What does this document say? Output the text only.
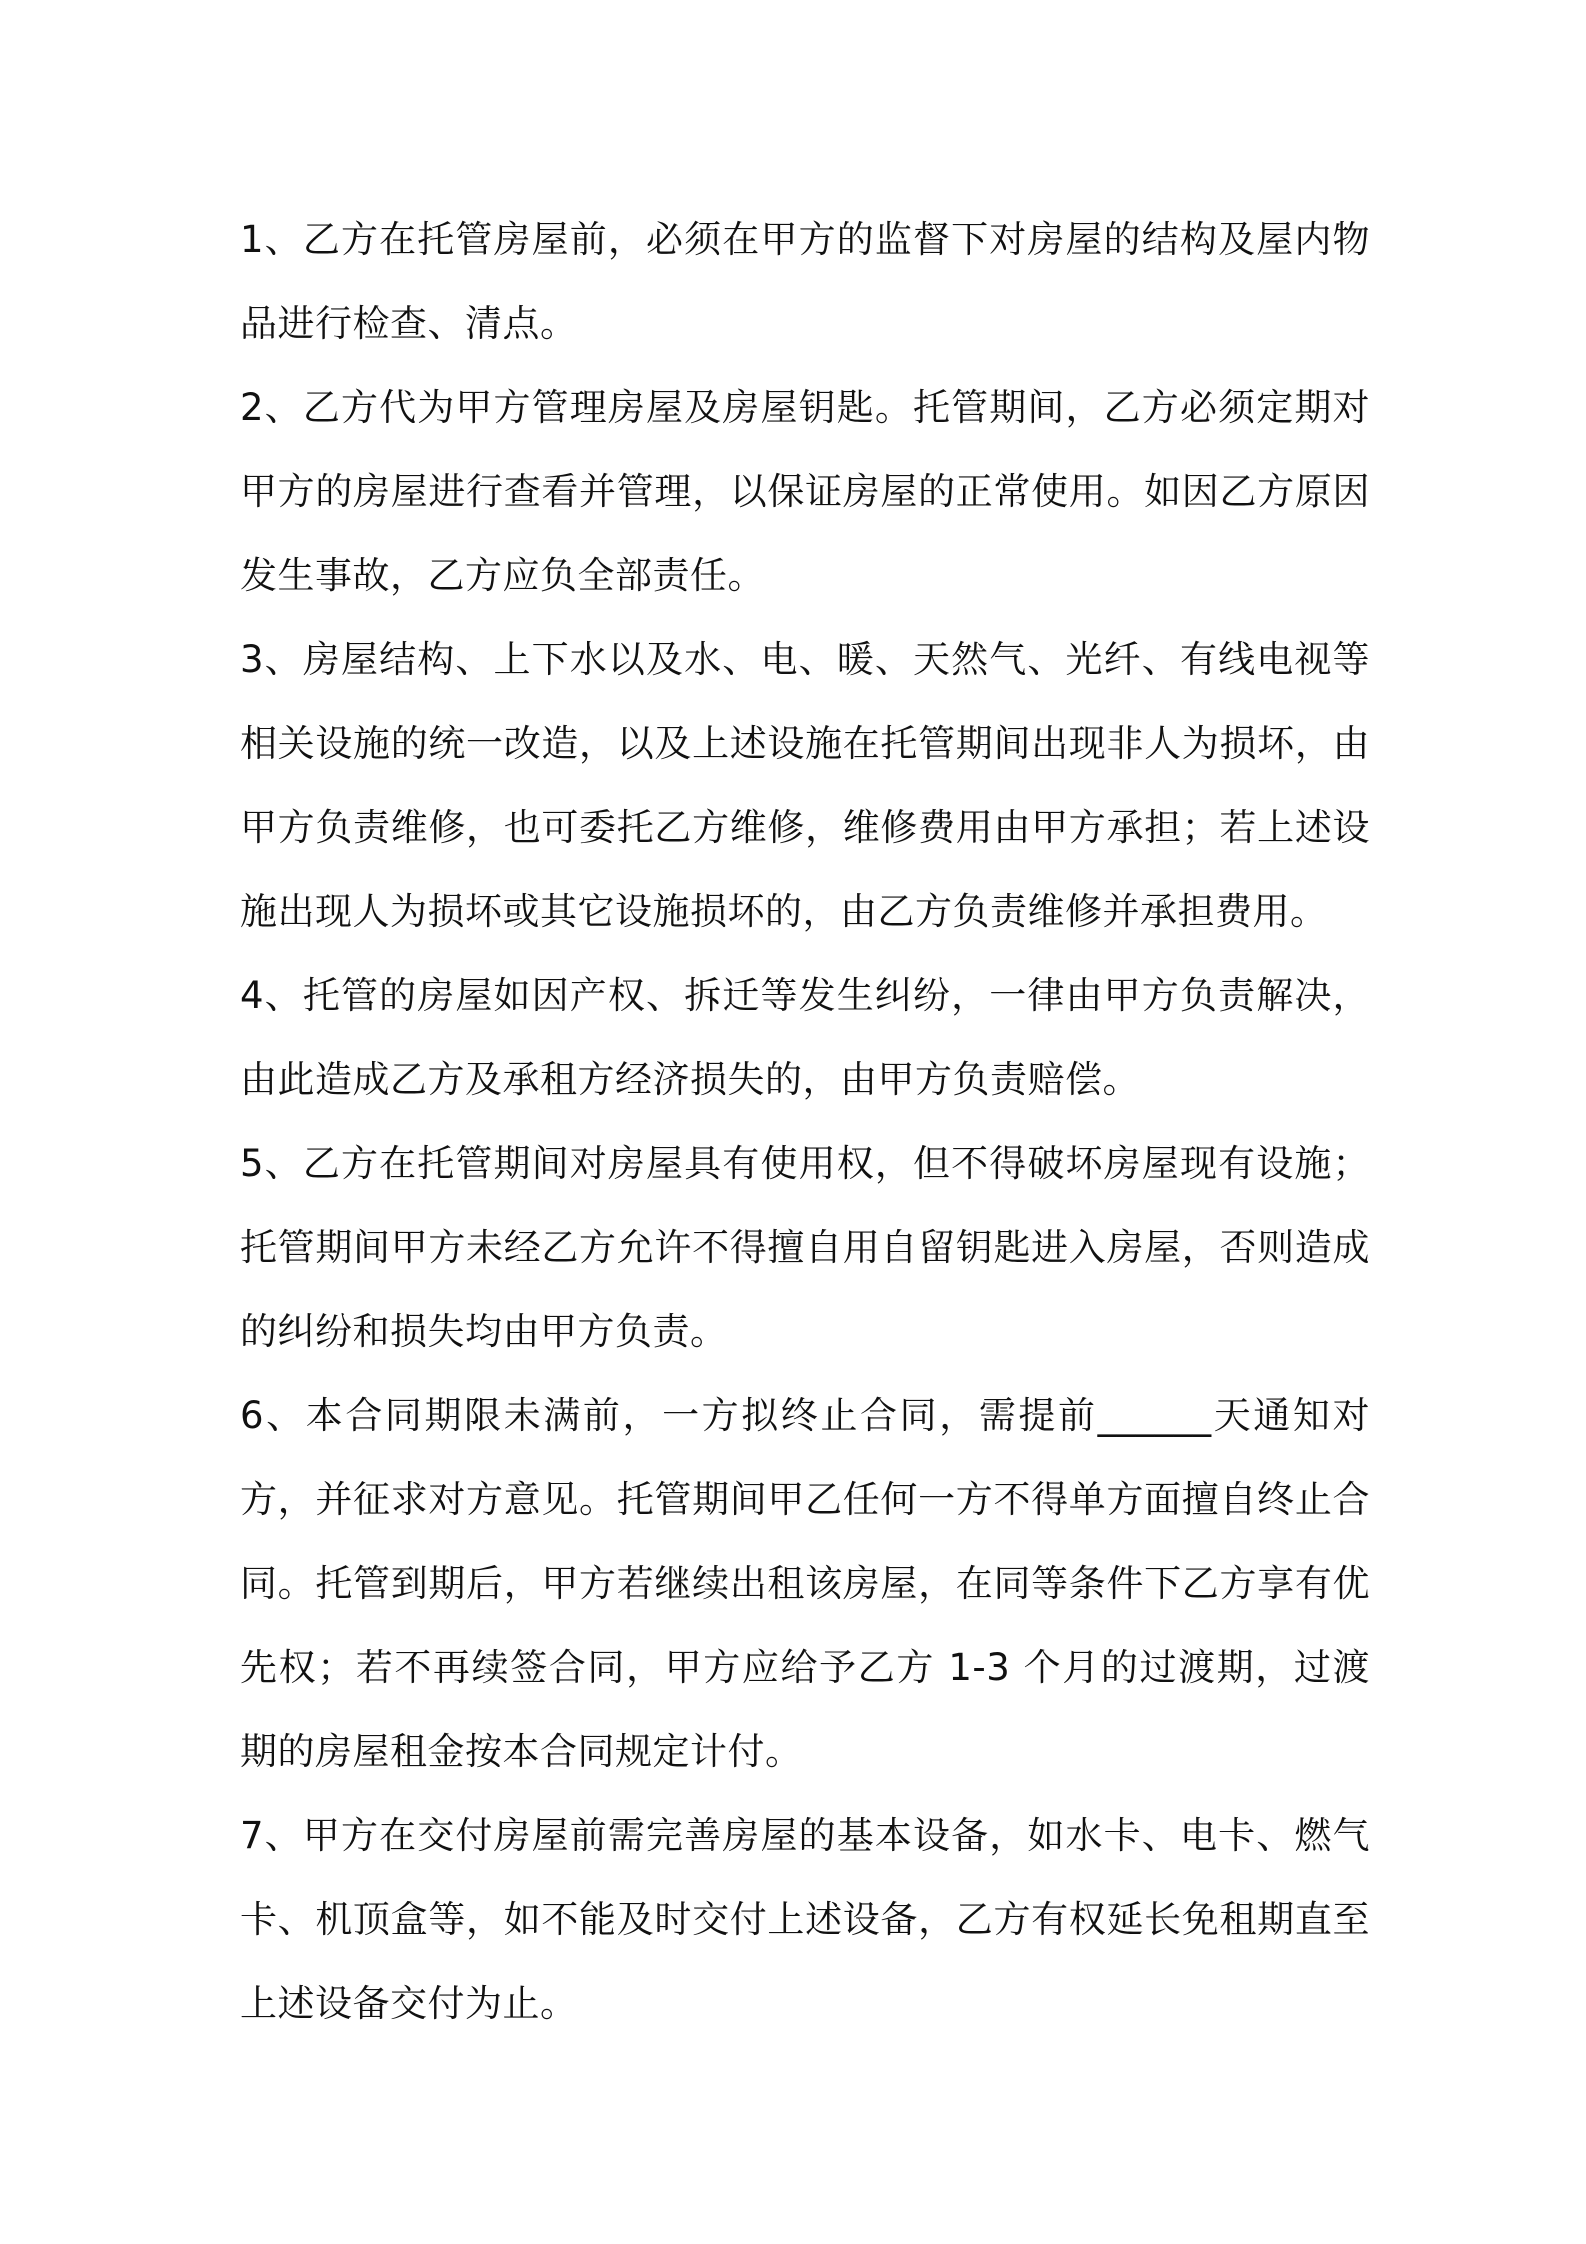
1、乙方在托管房屋前，必须在甲方的监督下对房屋的结构及屋内物品进行检查、清点。

2、乙方代为甲方管理房屋及房屋钥匙。托管期间，乙方必须定期对甲方的房屋进行查看并管理，以保证房屋的正常使用。如因乙方原因发生事故，乙方应负全部责任。

3、房屋结构、上下水以及水、电、暖、天然气、光纤、有线电视等相关设施的统一改造，以及上述设施在托管期间出现非人为损坏，由甲方负责维修，也可委托乙方维修，维修费用由甲方承担；若上述设施出现人为损坏或其它设施损坏的，由乙方负责维修并承担费用。

4、托管的房屋如因产权、拆迁等发生纠纷，一律由甲方负责解决，由此造成乙方及承租方经济损失的，由甲方负责赔偿。

5、乙方在托管期间对房屋具有使用权，但不得破坏房屋现有设施；托管期间甲方未经乙方允许不得擅自用自留钥匙进入房屋，否则造成的纠纷和损失均由甲方负责。

6、本合同期限未满前，一方拟终止合同，需提前______天通知对方，并征求对方意见。托管期间甲乙任何一方不得单方面擅自终止合同。托管到期后，甲方若继续出租该房屋，在同等条件下乙方享有优先权；若不再续签合同，甲方应给予乙方 1-3 个月的过渡期，过渡期的房屋租金按本合同规定计付。

7、甲方在交付房屋前需完善房屋的基本设备，如水卡、电卡、燃气卡、机顶盒等，如不能及时交付上述设备，乙方有权延长免租期直至上述设备交付为止。
